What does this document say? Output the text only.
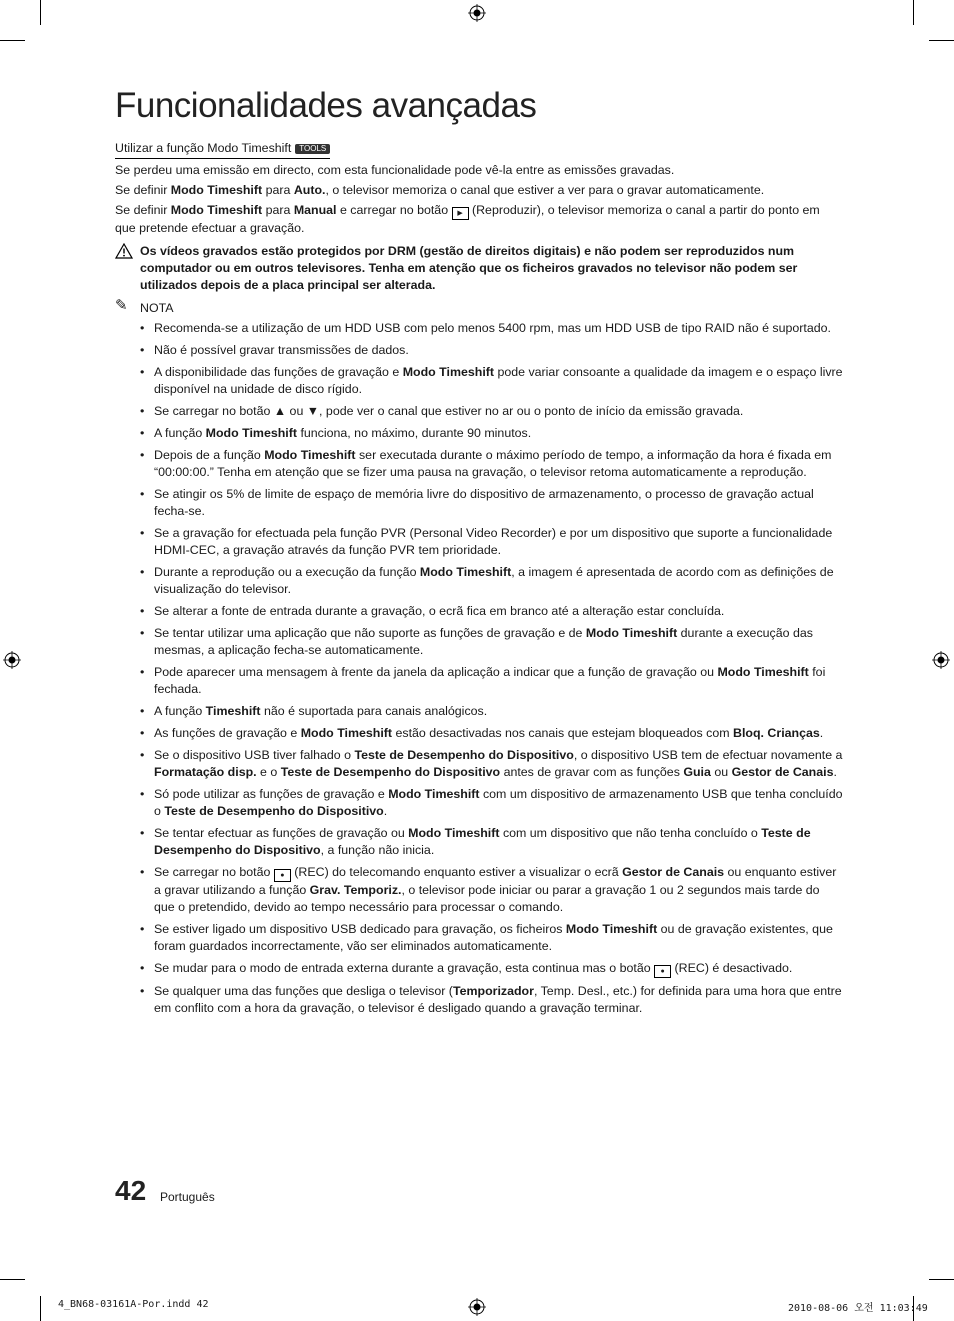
Funcionalidades avançadas
Utilizar a função Modo Timeshift TOOLS

Se perdeu uma emissão em directo, com esta funcionalidade pode vê-la entre as emissões gravadas.

Se definir Modo Timeshift para Auto., o televisor memoriza o canal que estiver a ver para o gravar automaticamente.

Se definir Modo Timeshift para Manual e carregar no botão ▶ (Reproduzir), o televisor memoriza o canal a partir do ponto em que pretende efectuar a gravação.

Os vídeos gravados estão protegidos por DRM (gestão de direitos digitais) e não podem ser reproduzidos num computador ou em outros televisores. Tenha em atenção que os ficheiros gravados no televisor não podem ser utilizados depois de a placa principal ser alterada.
✎ NOTA
• Recomenda-se a utilização de um HDD USB com pelo menos 5400 rpm, mas um HDD USB de tipo RAID não é suportado.
• Não é possível gravar transmissões de dados.
• A disponibilidade das funções de gravação e Modo Timeshift pode variar consoante a qualidade da imagem e o espaço livre disponível na unidade de disco rígido.
• Se carregar no botão ▲ ou ▼, pode ver o canal que estiver no ar ou o ponto de início da emissão gravada.
• A função Modo Timeshift funciona, no máximo, durante 90 minutos.
• Depois de a função Modo Timeshift ser executada durante o máximo período de tempo, a informação da hora é fixada em “00:00:00.” Tenha em atenção que se fizer uma pausa na gravação, o televisor retoma automaticamente a reprodução.
• Se atingir os 5% de limite de espaço de memória livre do dispositivo de armazenamento, o processo de gravação actual fecha-se.
• Se a gravação for efectuada pela função PVR (Personal Video Recorder) e por um dispositivo que suporte a funcionalidade HDMI-CEC, a gravação através da função PVR tem prioridade.
• Durante a reprodução ou a execução da função Modo Timeshift, a imagem é apresentada de acordo com as definições de visualização do televisor.
• Se alterar a fonte de entrada durante a gravação, o ecrã fica em branco até a alteração estar concluída.
• Se tentar utilizar uma aplicação que não suporte as funções de gravação e de Modo Timeshift durante a execução das mesmas, a aplicação fecha-se automaticamente.
• Pode aparecer uma mensagem à frente da janela da aplicação a indicar que a função de gravação ou Modo Timeshift foi fechada.
• A função Timeshift não é suportada para canais analógicos.
• As funções de gravação e Modo Timeshift estão desactivadas nos canais que estejam bloqueados com Bloq. Crianças.
• Se o dispositivo USB tiver falhado o Teste de Desempenho do Dispositivo, o dispositivo USB tem de efectuar novamente a Formatação disp. e o Teste de Desempenho do Dispositivo antes de gravar com as funções Guia ou Gestor de Canais.
• Só pode utilizar as funções de gravação e Modo Timeshift com um dispositivo de armazenamento USB que tenha concluído o Teste de Desempenho do Dispositivo.
• Se tentar efectuar as funções de gravação ou Modo Timeshift com um dispositivo que não tenha concluído o Teste de Desempenho do Dispositivo, a função não inicia.
• Se carregar no botão ● (REC) do telecomando enquanto estiver a visualizar o ecrã Gestor de Canais ou enquanto estiver a gravar utilizando a função Grav. Temporiz., o televisor pode iniciar ou parar a gravação 1 ou 2 segundos mais tarde do que o pretendido, devido ao tempo necessário para processar o comando.
• Se estiver ligado um dispositivo USB dedicado para gravação, os ficheiros Modo Timeshift ou de gravação existentes, que foram guardados incorrectamente, vão ser eliminados automaticamente.
• Se mudar para o modo de entrada externa durante a gravação, esta continua mas o botão ● (REC) é desactivado.
• Se qualquer uma das funções que desliga o televisor (Temporizador, Temp. Desl., etc.) for definida para uma hora que entre em conflito com a hora da gravação, o televisor é desligado quando a gravação terminar.
42 Português
4_BN68-03161A-Por.indd 42	2010-08-06 오전 11:03:49
